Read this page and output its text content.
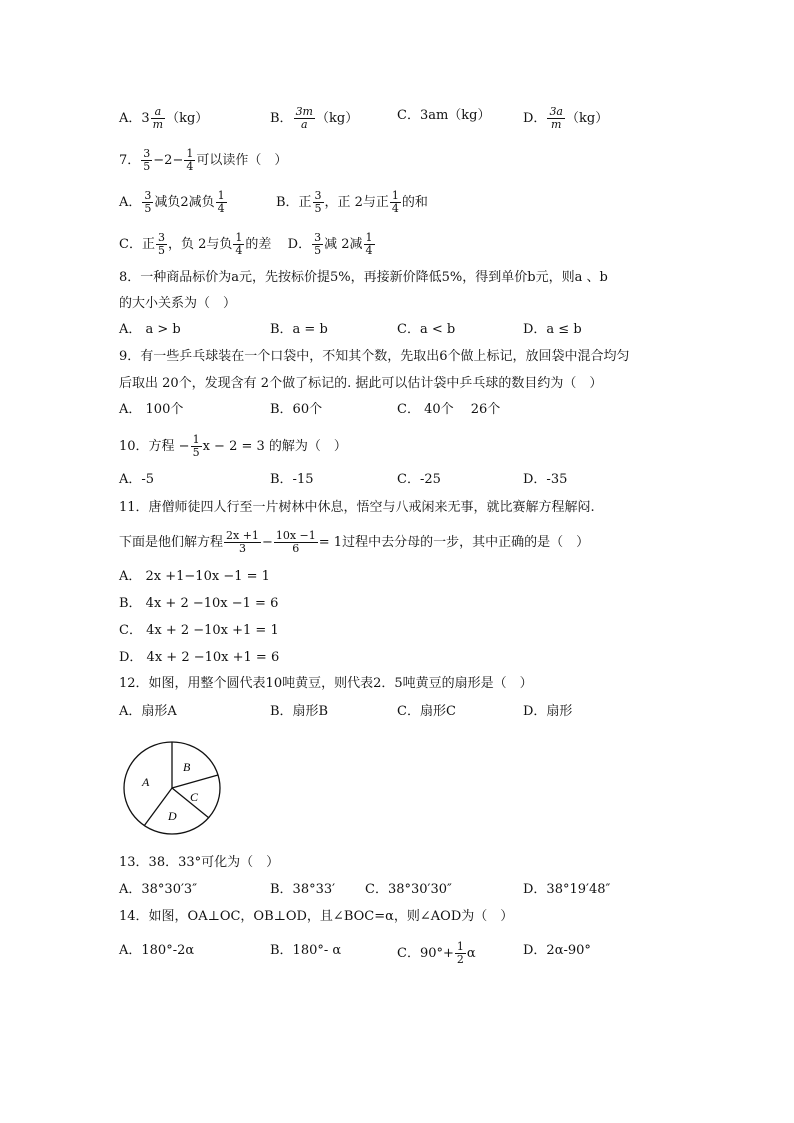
A．$3 \frac{a}{m} (kg)$	B． $\frac{3m}{a} (kg)$	C．3am（kg）	D． $\frac{3a}{m} (kg)$
7． $\frac{3}{5} -2- \frac{1}{4}$ 可以读作（　）
A． $\frac{3}{5}$ 减负2减负 $\frac{1}{4}$	B．正 $\frac{3}{5}$ ，正 2与正 $\frac{1}{4}$ 的和
C．正 $\frac{3}{5}$ ，负 2与负 $\frac{1}{4}$ 的差 D． $\frac{3}{5}$ 减 2减 $\frac{1}{4}$
8．一种商品标价为a元，先按标价提5%，再接新价降低5%，得到单价b元，则a 、b
的大小关系为（　）
A． a > b	B．a = b	C．a < b	D．a ≤ b
9．有一些乒乓球装在一个口袋中，不知其个数，先取出6个做上标记，放回袋中混合均匀
后取出 20个，发现含有 2个做了标记的. 据此可以估计袋中乒乓球的数目约为（　）
A． 100个	B．60个	C． 40个　 26个
10．方程 − $\frac{1}{5}$ x − 2 = 3 的解为（　）
A．-5	B．-15	C．-25	D．-35
11．唐僧师徒四人行至一片树林中休息，悟空与八戒闲来无事，就比赛解方程解闷.
下面是他们解方程 $\frac{2x +1}{3} - \frac{10x -1}{6} = 1$过程中去分母的一步，其中正确的是（　）
A． 2x +1−10x −1 = 1
B． 4x + 2 −10x −1 = 6
C． 4x + 2 −10x +1 = 1
D． 4x + 2 −10x +1 = 6
12．如图，用整个圆代表10吨黄豆，则代表2．5吨黄豆的扇形是（　）
A．扇形A	B．扇形B	C．扇形C	D．扇形
A
B
C
D
13．38．33°可化为（　）
A．38°30′3″	B．38°33′ C．38°30′30″	D．38°19′48″
14．如图，OA⊥OC，OB⊥OD，且∠BOC=α，则∠AOD为（　）
A．180°-2α	B．180°- α	C．$90^\circ+ \frac{1}{2}$ α	D．2α-90°
